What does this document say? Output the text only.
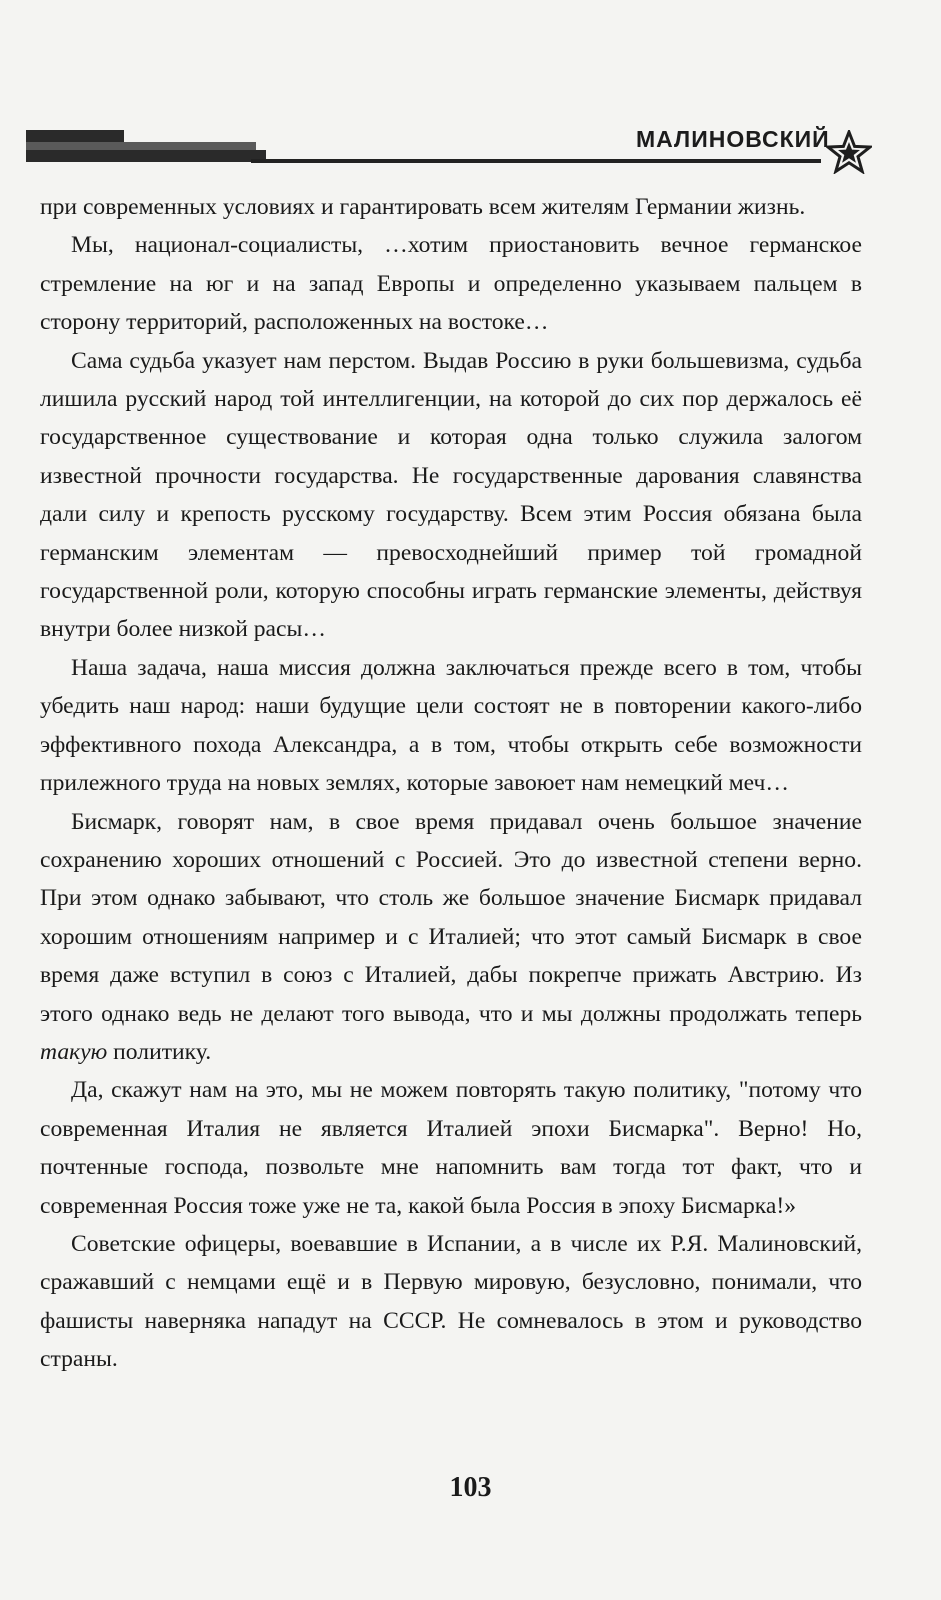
МАЛИНОВСКИЙ

при современных условиях и гарантировать всем жителям Германии жизнь.

Мы, национал-социалисты, …хотим приостановить вечное германское стремление на юг и на запад Европы и определенно указываем пальцем в сторону территорий, расположенных на востоке…

Сама судьба указует нам перстом. Выдав Россию в руки большевизма, судьба лишила русский народ той интеллигенции, на которой до сих пор держалось её государственное существование и которая одна только служила залогом известной прочности государства. Не государственные дарования славянства дали силу и крепость русскому государству. Всем этим Россия обязана была германским элементам — превосходнейший пример той громадной государственной роли, которую способны играть германские элементы, действуя внутри более низкой расы…

Наша задача, наша миссия должна заключаться прежде всего в том, чтобы убедить наш народ: наши будущие цели состоят не в повторении какого-либо эффективного похода Александра, а в том, чтобы открыть себе возможности прилежного труда на новых землях, которые завоюет нам немецкий меч…

Бисмарк, говорят нам, в свое время придавал очень большое значение сохранению хороших отношений с Россией. Это до известной степени верно. При этом однако забывают, что столь же большое значение Бисмарк придавал хорошим отношениям например и с Италией; что этот самый Бисмарк в свое время даже вступил в союз с Италией, дабы покрепче прижать Австрию. Из этого однако ведь не делают того вывода, что и мы должны продолжать теперь такую политику.

Да, скажут нам на это, мы не можем повторять такую политику, "потому что современная Италия не является Италией эпохи Бисмарка". Верно! Но, почтенные господа, позвольте мне напомнить вам тогда тот факт, что и современная Россия тоже уже не та, какой была Россия в эпоху Бисмарка!»

Советские офицеры, воевавшие в Испании, а в числе их Р.Я. Малиновский, сражавший с немцами ещё и в Первую мировую, безусловно, понимали, что фашисты наверняка нападут на СССР. Не сомневалось в этом и руководство страны.

103
